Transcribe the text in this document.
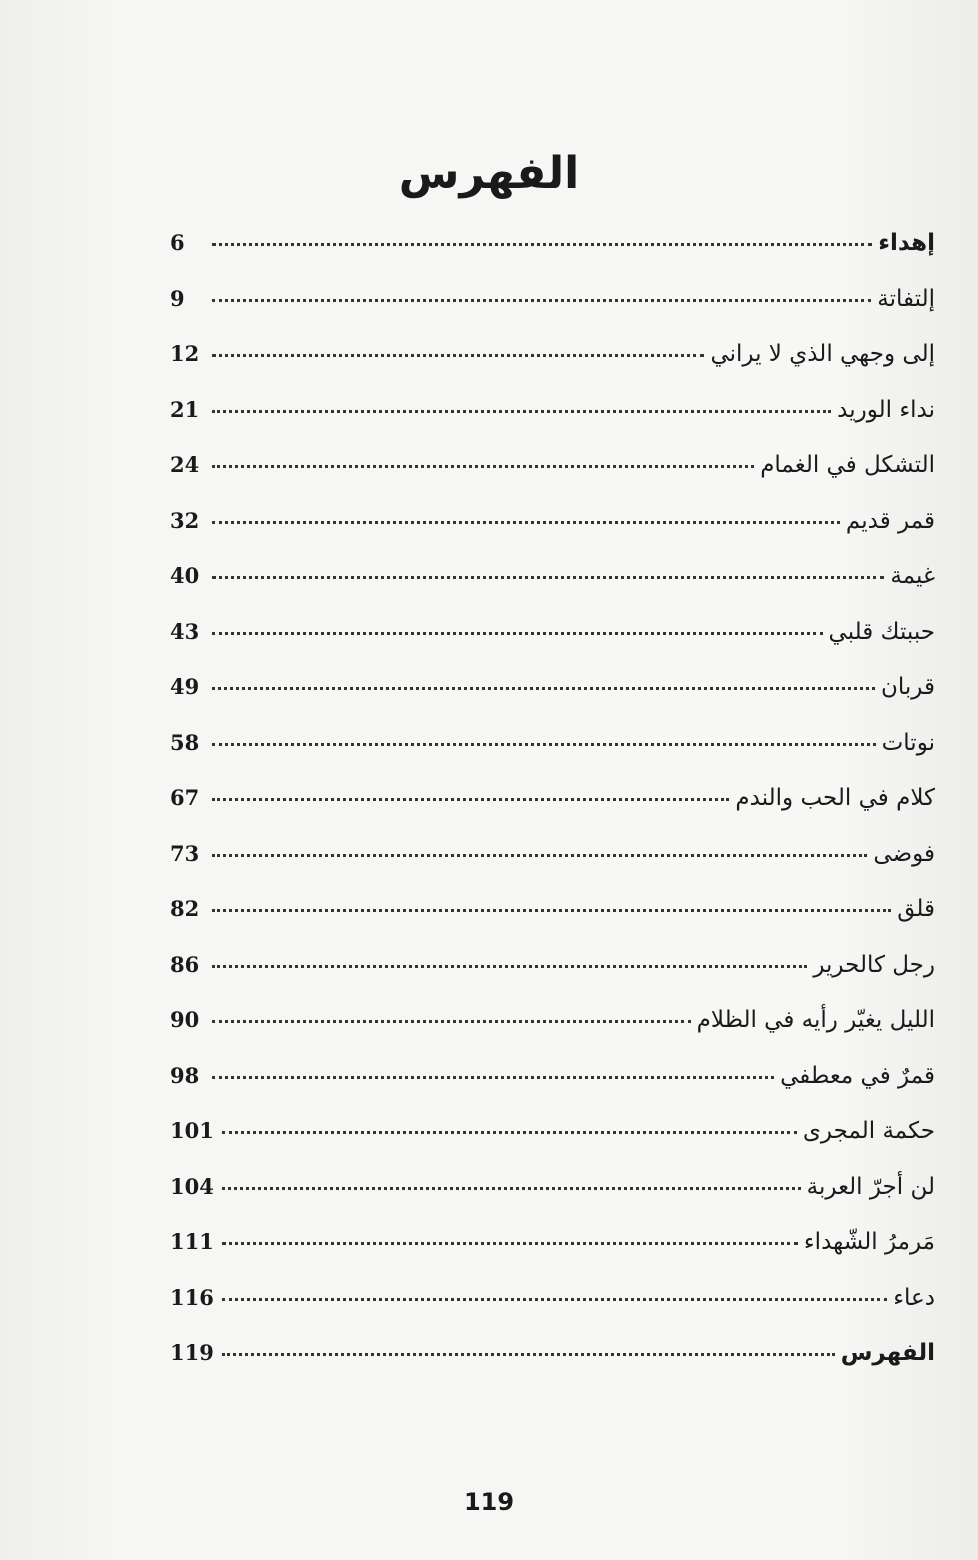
الفهرس
6	إهداء
9	إلتفاتة
12	إلى وجهي الذي لا يراني
21	نداء الوريد
24	التشكل في الغمام
32	قمر قديم
40	غيمة
43	حببتك قلبي
49	قربان
58	نوتات
67	كلام في الحب والندم
73	فوضى
82	قلق
86	رجل كالحرير
90	الليل يغيّر رأيه في الظلام
98	قمرٌ في معطفي
101	حكمة المجرى
104	لن أجرّ العربة
111	مَرمرُ الشّهداء
116	دعاء
119	الفهرس
119
